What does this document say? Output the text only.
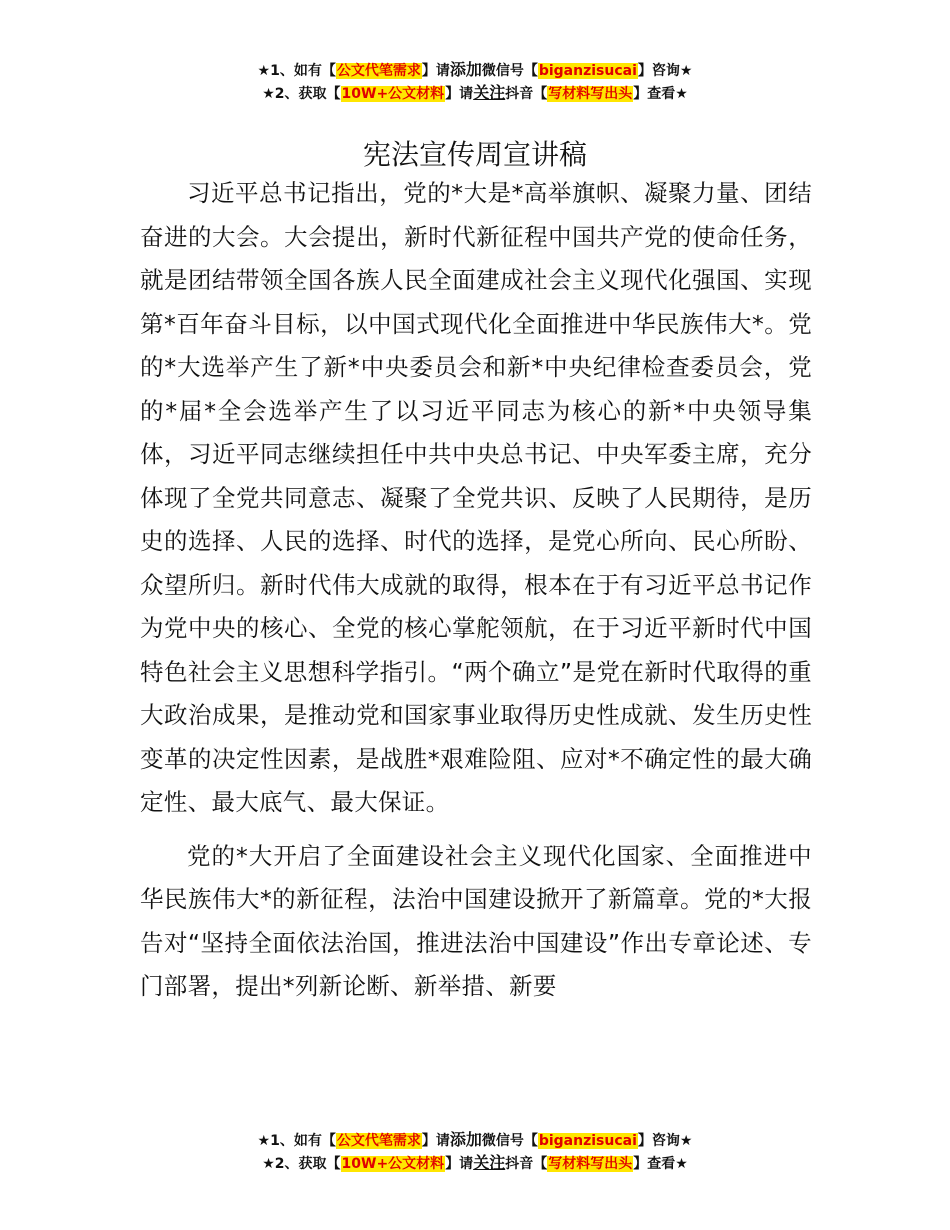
★1、如有【公文代笔需求】请添加微信号【biganzisucai】咨询★
★2、获取【10W+公文材料】请关注抖音【写材料写出头】查看★
宪法宣传周宣讲稿

习近平总书记指出，党的*大是*高举旗帜、凝聚力量、团结奋进的大会。大会提出，新时代新征程中国共产党的使命任务，就是团结带领全国各族人民全面建成社会主义现代化强国、实现第*百年奋斗目标，以中国式现代化全面推进中华民族伟大*。党的*大选举产生了新*中央委员会和新*中央纪律检查委员会，党的*届*全会选举产生了以习近平同志为核心的新*中央领导集体，习近平同志继续担任中共中央总书记、中央军委主席，充分体现了全党共同意志、凝聚了全党共识、反映了人民期待，是历史的选择、人民的选择、时代的选择，是党心所向、民心所盼、众望所归。新时代伟大成就的取得，根本在于有习近平总书记作为党中央的核心、全党的核心掌舵领航，在于习近平新时代中国特色社会主义思想科学指引。“两个确立”是党在新时代取得的重大政治成果，是推动党和国家事业取得历史性成就、发生历史性变革的决定性因素，是战胜*艰难险阻、应对*不确定性的最大确定性、最大底气、最大保证。

党的*大开启了全面建设社会主义现代化国家、全面推进中华民族伟大*的新征程，法治中国建设掀开了新篇章。党的*大报告对“坚持全面依法治国，推进法治中国建设”作出专章论述、专门部署，提出*列新论断、新举措、新要

★1、如有【公文代笔需求】请添加微信号【biganzisucai】咨询★
★2、获取【10W+公文材料】请关注抖音【写材料写出头】查看★
